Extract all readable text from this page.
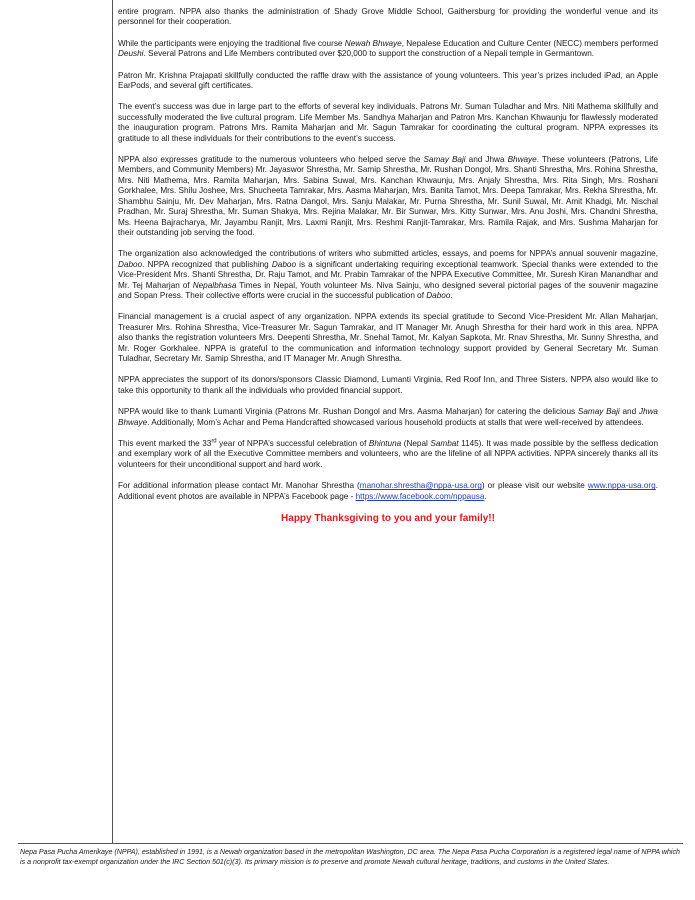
entire program. NPPA also thanks the administration of Shady Grove Middle School, Gaithersburg for providing the wonderful venue and its personnel for their cooperation.

While the participants were enjoying the traditional five course Newah Bhwaye, Nepalese Education and Culture Center (NECC) members performed Deushi. Several Patrons and Life Members contributed over $20,000 to support the construction of a Nepali temple in Germantown.

Patron Mr. Krishna Prajapati skillfully conducted the raffle draw with the assistance of young volunteers. This year’s prizes included iPad, an Apple EarPods, and several gift certificates.

The event’s success was due in large part to the efforts of several key individuals. Patrons Mr. Suman Tuladhar and Mrs. Niti Mathema skillfully and successfully moderated the live cultural program. Life Member Ms. Sandhya Maharjan and Patron Mrs. Kanchan Khwaunju for flawlessly moderated the inauguration program. Patrons Mrs. Ramita Maharjan and Mr. Sagun Tamrakar for coordinating the cultural program. NPPA expresses its gratitude to all these individuals for their contributions to the event’s success.

NPPA also expresses gratitude to the numerous volunteers who helped serve the Samay Baji and Jhwa Bhwaye. These volunteers (Patrons, Life Members, and Community Members) Mr. Jayaswor Shrestha, Mr. Samip Shrestha, Mr. Rushan Dongol, Mrs. Shanti Shrestha, Mrs. Rohina Shrestha, Mrs. Niti Mathema, Mrs. Ramita Maharjan, Mrs. Sabina Suwal, Mrs. Kanchan Khwaunju, Mrs. Anjaly Shrestha, Mrs. Rita Singh, Mrs. Roshani Gorkhalee, Mrs. Shilu Joshee, Mrs. Shucheeta Tamrakar, Mrs. Aasma Maharjan, Mrs. Banita Tamot, Mrs. Deepa Tamrakar, Mrs. Rekha Shrestha, Mr. Shambhu Sainju, Mr. Dev Maharjan, Mrs. Ratna Dangol, Mrs. Sanju Malakar, Mr. Purna Shrestha, Mr. Sunil Suwal, Mr. Amit Khadgi, Mr. Nischal Pradhan, Mr. Suraj Shrestha, Mr. Suman Shakya, Mrs. Rejina Malakar, Mr. Bir Sunwar, Mrs. Kitty Sunwar, Mrs. Anu Joshi, Mrs. Chandni Shrestha, Ms. Heena Bajracharya, Mr. Jayambu Ranjit, Mrs. Laxmi Ranjit, Mrs. Reshmi Ranjit-Tamrakar, Mrs. Ramila Rajak, and Mrs. Sushma Maharjan for their outstanding job serving the food.

The organization also acknowledged the contributions of writers who submitted articles, essays, and poems for NPPA’s annual souvenir magazine, Daboo. NPPA recognized that publishing Daboo is a significant undertaking requiring exceptional teamwork. Special thanks were extended to the Vice-President Mrs. Shanti Shrestha, Dr. Raju Tamot, and Mr. Prabin Tamrakar of the NPPA Executive Committee, Mr. Suresh Kiran Manandhar and Mr. Tej Maharjan of Nepalbhasa Times in Nepal, Youth volunteer Ms. Niva Sainju, who designed several pictorial pages of the souvenir magazine and Sopan Press. Their collective efforts were crucial in the successful publication of Daboo.

Financial management is a crucial aspect of any organization. NPPA extends its special gratitude to Second Vice-President Mr. Allan Maharjan, Treasurer Mrs. Rohina Shrestha, Vice-Treasurer Mr. Sagun Tamrakar, and IT Manager Mr. Anugh Shrestha for their hard work in this area. NPPA also thanks the registration volunteers Mrs. Deepenti Shrestha, Mr. Snehal Tamot, Mr. Kalyan Sapkota, Mr. Rnav Shrestha, Mr. Sunny Shrestha, and Mr. Roger Gorkhalee. NPPA is grateful to the communication and information technology support provided by General Secretary Mr. Suman Tuladhar, Secretary Mr. Samip Shrestha, and IT Manager Mr. Anugh Shrestha.

NPPA appreciates the support of its donors/sponsors Classic Diamond, Lumanti Virginia, Red Roof Inn, and Three Sisters. NPPA also would like to take this opportunity to thank all the individuals who provided financial support.

NPPA would like to thank Lumanti Virginia (Patrons Mr. Rushan Dongol and Mrs. Aasma Maharjan) for catering the delicious Samay Baji and Jhwa Bhwaye. Additionally, Mom’s Achar and Pema Handcrafted showcased various household products at stalls that were well-received by attendees.

This event marked the 33rd year of NPPA’s successful celebration of Bhintuna (Nepal Sambat 1145). It was made possible by the selfless dedication and exemplary work of all the Executive Committee members and volunteers, who are the lifeline of all NPPA activities. NPPA sincerely thanks all its volunteers for their unconditional support and hard work.

For additional information please contact Mr. Manohar Shrestha (manohar.shrestha@nppa-usa.org) or please visit our website www.nppa-usa.org. Additional event photos are available in NPPA’s Facebook page - https://www.facebook.com/nppausa.

Happy Thanksgiving to you and your family!!
Nepa Pasa Pucha Amerikaye (NPPA), established in 1991, is a Newah organization based in the metropolitan Washington, DC area. The Nepa Pasa Pucha Corporation is a registered legal name of NPPA which is a nonprofit tax-exempt organization under the IRC Section 501(c)(3). Its primary mission is to preserve and promote Newah cultural heritage, traditions, and customs in the United States.
